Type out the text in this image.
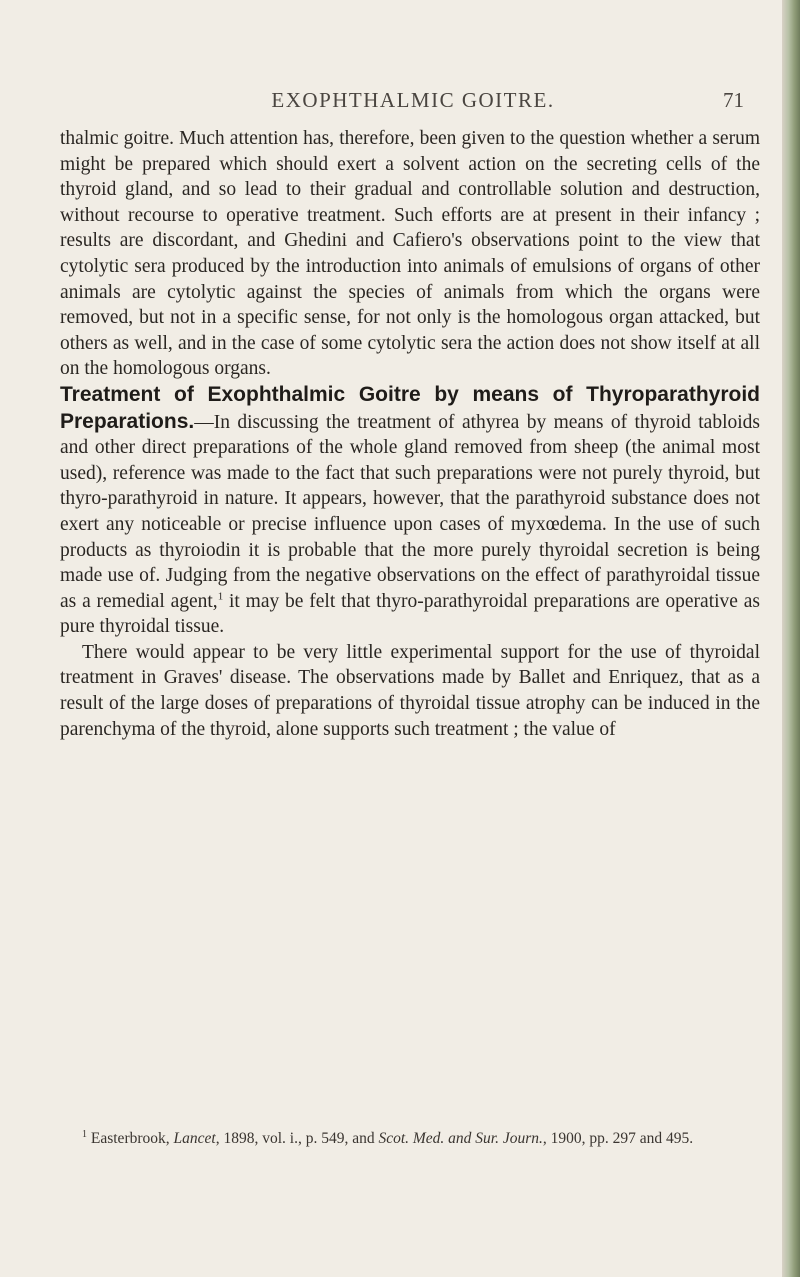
EXOPHTHALMIC GOITRE.	71

thalmic goitre. Much attention has, therefore, been given to the question whether a serum might be prepared which should exert a solvent action on the secreting cells of the thyroid gland, and so lead to their gradual and controllable solution and destruction, without recourse to operative treatment. Such efforts are at present in their infancy ; results are discordant, and Ghedini and Cafiero's observations point to the view that cytolytic sera produced by the introduction into animals of emulsions of organs of other animals are cytolytic against the species of animals from which the organs were removed, but not in a specific sense, for not only is the homologous organ attacked, but others as well, and in the case of some cytolytic sera the action does not show itself at all on the homologous organs.

Treatment of Exophthalmic Goitre by means of Thyroparathyroid Preparations.—In discussing the treatment of athyrea by means of thyroid tabloids and other direct preparations of the whole gland removed from sheep (the animal most used), reference was made to the fact that such preparations were not purely thyroid, but thyro-parathyroid in nature. It appears, however, that the parathyroid substance does not exert any noticeable or precise influence upon cases of myxœdema. In the use of such products as thyroiodin it is probable that the more purely thyroidal secretion is being made use of. Judging from the negative observations on the effect of parathyroidal tissue as a remedial agent,$^1$ it may be felt that thyro-parathyroidal preparations are operative as pure thyroidal tissue.

There would appear to be very little experimental support for the use of thyroidal treatment in Graves' disease. The observations made by Ballet and Enriquez, that as a result of the large doses of preparations of thyroidal tissue atrophy can be induced in the parenchyma of the thyroid, alone supports such treatment ; the value of

$^1$ Easterbrook, Lancet, 1898, vol. i., p. 549, and Scot. Med. and Sur. Journ., 1900, pp. 297 and 495.
